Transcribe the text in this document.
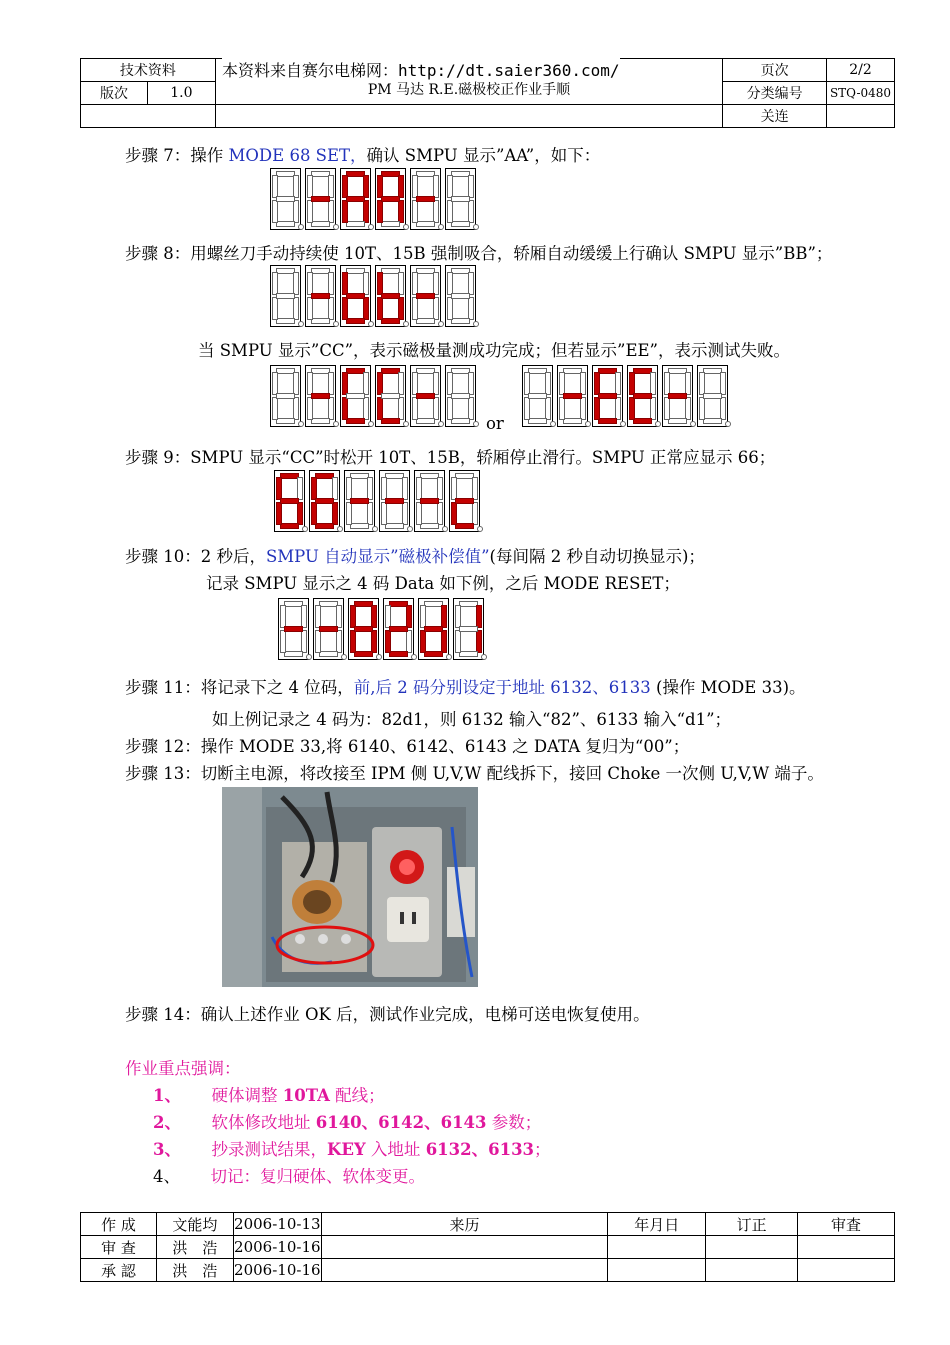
技术资料		PM 马达 R.E.磁极校正作业手顺	页次	2/2
版次	1.0		分类编号	STQ-0480
			关连	
本资料来自赛尔电梯网：http://dt.saier360.com/
步骤 7：操作 MODE 68 SET，确认 SMPU 显示”AA”，如下：
步骤 8：用螺丝刀手动持续使 10T、15B 强制吸合，轿厢自动缓缓上行确认 SMPU 显示”BB”；
当 SMPU 显示”CC”，表示磁极量测成功完成；但若显示”EE”，表示测试失败。
or
步骤 9：SMPU 显示“CC”时松开 10T、15B，轿厢停止滑行。SMPU 正常应显示 66；
步骤 10：2 秒后，SMPU 自动显示”磁极补偿值”(每间隔 2 秒自动切换显示)；
记录 SMPU 显示之 4 码 Data 如下例，之后 MODE RESET；
步骤 11：将记录下之 4 位码，前,后 2 码分别设定于地址 6132、6133 (操作 MODE 33)。
如上例记录之 4 码为：82d1，则 6132 输入“82”、6133 输入“d1”；
步骤 12：操作 MODE 33,将 6140、6142、6143 之 DATA 复归为“00”；
步骤 13：切断主电源，将改接至 IPM 侧 U,V,W 配线拆下，接回 Choke 一次侧 U,V,W 端子。
步骤 14：确认上述作业 OK 后，测试作业完成，电梯可送电恢复使用。
作业重点强调：
1、 硬体调整 10TA 配线；
2、 软体修改地址 6140、6142、6143 参数；
3、 抄录测试结果，KEY 入地址 6132、6133；
4、 切记：复归硬体、软体变更。
作 成	文能均	2006-10-13	来历	年月日	订正	审査
审 查	洪　浩	2006-10-16				
承 認	洪　浩	2006-10-16				
